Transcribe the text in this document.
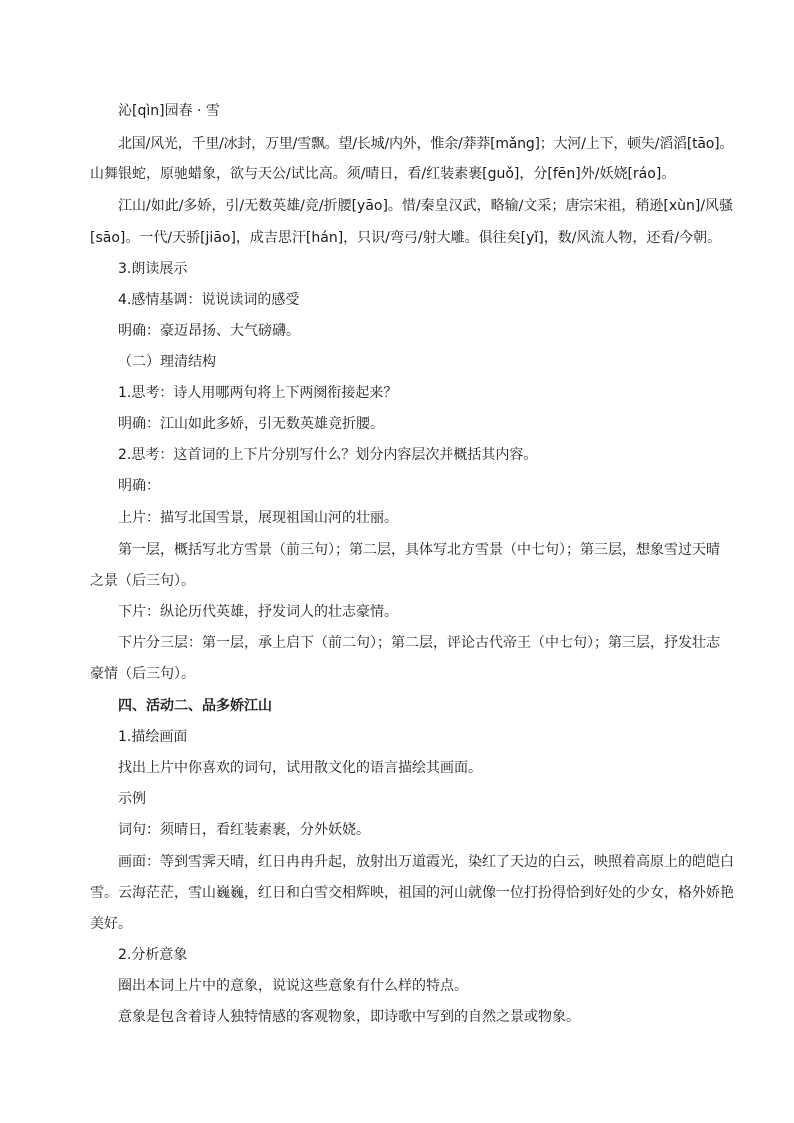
沁[qìn]园春 · 雪
北国/风光，千里/冰封，万里/雪飘。望/长城/内外，惟余/莽莽[mǎng]；大河/上下，顿失/滔滔[tāo]。
山舞银蛇，原驰蜡象，欲与天公/试比高。须/晴日，看/红装素裹[guǒ]，分[fēn]外/妖娆[ráo]。
江山/如此/多娇，引/无数英雄/竞/折腰[yāo]。惜/秦皇汉武，略输/文采；唐宗宋祖，稍逊[xùn]/风骚
[sāo]。一代/天骄[jiāo]，成吉思汗[hán]，只识/弯弓/射大雕。俱往矣[yǐ]，数/风流人物，还看/今朝。
3.朗读展示
4.感情基调：说说读词的感受
明确：豪迈昂扬、大气磅礴。
（二）理清结构
1.思考：诗人用哪两句将上下两阕衔接起来？
明确：江山如此多娇，引无数英雄竞折腰。
2.思考：这首词的上下片分别写什么？划分内容层次并概括其内容。
明确：
上片：描写北国雪景，展现祖国山河的壮丽。
第一层，概括写北方雪景（前三句）；第二层，具体写北方雪景（中七句）；第三层，想象雪过天晴
之景（后三句）。
下片：纵论历代英雄，抒发词人的壮志豪情。
下片分三层：第一层，承上启下（前二句）；第二层，评论古代帝王（中七句）；第三层，抒发壮志
豪情（后三句）。
四、活动二、品多娇江山
1.描绘画面
找出上片中你喜欢的词句，试用散文化的语言描绘其画面。
示例
词句：须晴日，看红装素裹，分外妖娆。
画面：等到雪霁天晴，红日冉冉升起，放射出万道霞光，染红了天边的白云，映照着高原上的皑皑白
雪。云海茫茫，雪山巍巍，红日和白雪交相辉映，祖国的河山就像一位打扮得恰到好处的少女，格外娇艳
美好。
2.分析意象
圈出本词上片中的意象，说说这些意象有什么样的特点。
意象是包含着诗人独特情感的客观物象，即诗歌中写到的自然之景或物象。
